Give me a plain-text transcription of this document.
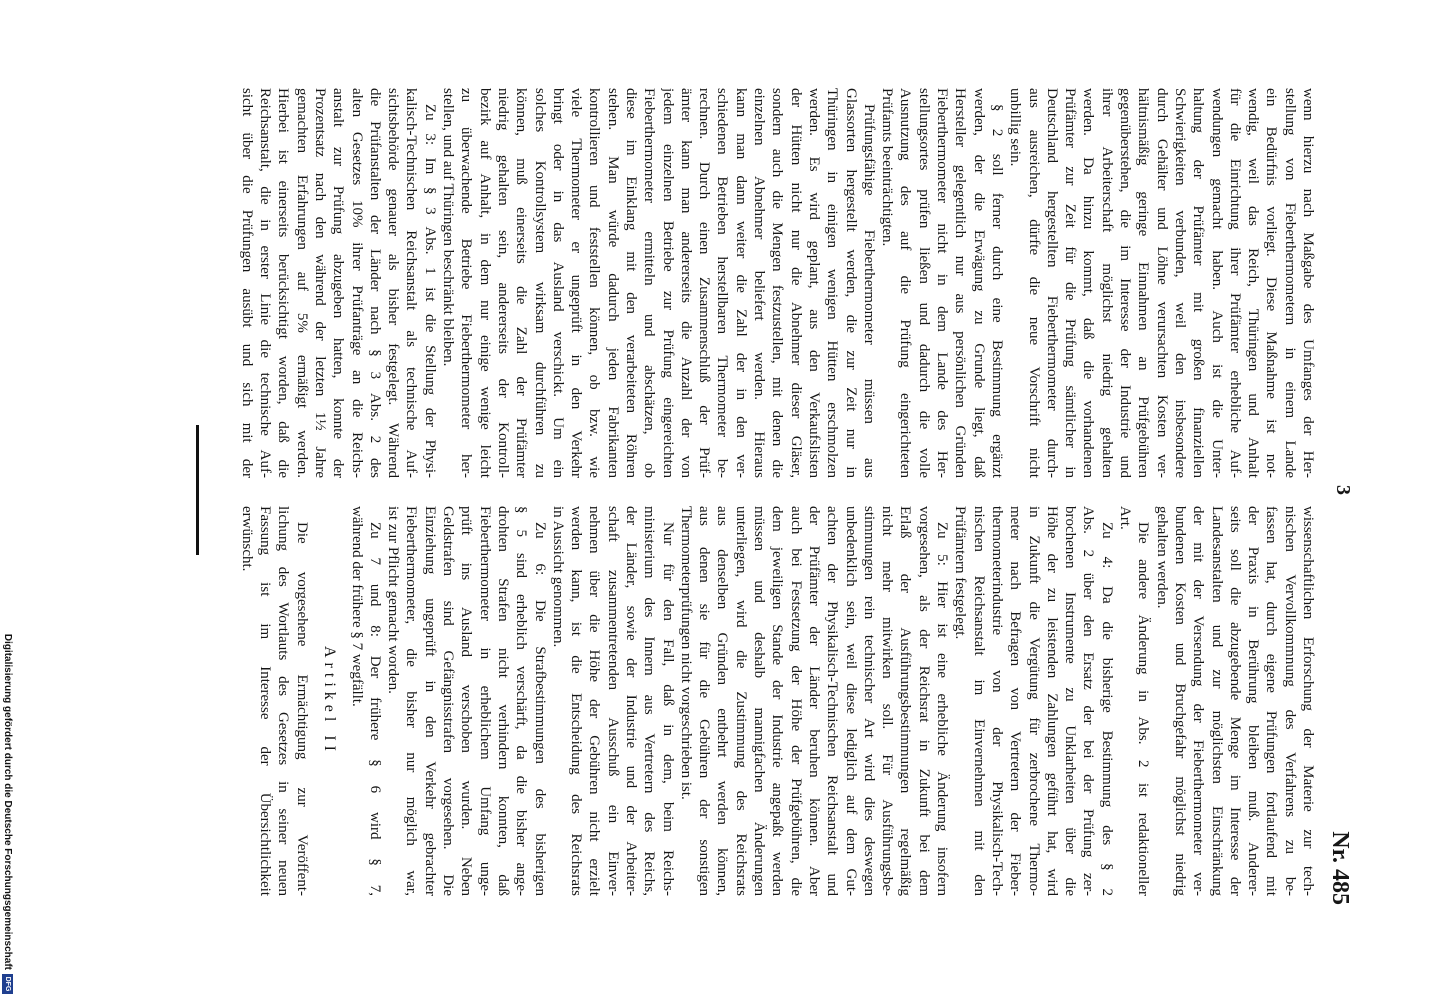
3
Nr. 485
Digitalisierung gefördert durch die Deutsche Forschungsgemeinschaft
DFG
wenn hierzu nach Maßgabe des Umfanges der Her-
stellung von Fieberthermometern in einem Lande
ein Bedürfnis vorliegt. Diese Maßnahme ist not-
wendig, weil das Reich, Thüringen und Anhalt
für die Einrichtung ihrer Prüfämter erhebliche Auf-
wendungen gemacht haben. Auch ist die Unter-
haltung der Prüfämter mit großen finanziellen
Schwierigkeiten verbunden, weil den insbesondere
durch Gehälter und Löhne verursachten Kosten ver-
hältnismäßig geringe Einnahmen an Prüfgebühren
gegenüberstehen, die im Interesse der Industrie und
ihrer Arbeiterschaft möglichst niedrig gehalten
werden. Da hinzu kommt, daß die vorhandenen
Prüfämter zur Zeit für die Prüfung sämtlicher in
Deutschland hergestellten Fieberthermometer durch-
aus ausreichen, dürfte die neue Vorschrift nicht
unbillig sein.
§ 2 soll ferner durch eine Bestimmung ergänzt
werden, der die Erwägung zu Grunde liegt, daß
Hersteller gelegentlich nur aus persönlichen Gründen
Fieberthermometer nicht in dem Lande des Her-
stellungsortes prüfen ließen und dadurch die volle
Ausnutzung des auf die Prüfung eingerichteten
Prüfamts beeinträchtigten.
Prüfungsfähige Fieberthermometer müssen aus
Glassorten hergestellt werden, die zur Zeit nur in
Thüringen in einigen wenigen Hütten erschmolzen
werden. Es wird geplant, aus den Verkaufslisten
der Hütten nicht nur die Abnehmer dieser Gläser,
sondern auch die Mengen festzustellen, mit denen die
einzelnen Abnehmer beliefert werden. Hieraus
kann man dann weiter die Zahl der in den ver-
schiedenen Betrieben herstellbaren Thermometer be-
rechnen. Durch einen Zusammenschluß der Prüf-
ämter kann man andererseits die Anzahl der von
jedem einzelnen Betriebe zur Prüfung eingereichten
Fieberthermometer ermitteln und abschätzen, ob
diese im Einklang mit den verarbeiteten Röhren
stehen. Man würde dadurch jeden Fabrikanten
kontrollieren und feststellen können, ob bzw. wie
viele Thermometer er ungeprüft in den Verkehr
bringt oder in das Ausland verschickt. Um ein
solches Kontrollsystem wirksam durchführen zu
können, muß einerseits die Zahl der Prüfämter
niedrig gehalten sein, andererseits der Kontroll-
bezirk auf Anhalt, in dem nur einige wenige leicht
zu überwachende Betriebe Fieberthermometer her-
stellen, und auf Thüringen beschränkt bleiben.
Zu 3: Im § 3 Abs. 1 ist die Stellung der Physi-
kalisch-Technischen Reichsanstalt als technische Auf-
sichtsbehörde genauer als bisher festgelegt. Während
die Prüfanstalten der Länder nach § 3 Abs. 2 des
alten Gesetzes 10% ihrer Prüfanträge an die Reichs-
anstalt zur Prüfung abzugeben hatten, konnte der
Prozentsatz nach den während der letzten 1½ Jahre
gemachten Erfahrungen auf 5% ermäßigt werden.
Hierbei ist einerseits berücksichtigt worden, daß die
Reichsanstalt, die in erster Linie die technische Auf-
sicht über die Prüfungen ausübt und sich mit der
wissenschaftlichen Erforschung der Materie zur tech-
nischen Vervollkommnung des Verfahrens zu be-
fassen hat, durch eigene Prüfungen fortlaufend mit
der Praxis in Berührung bleiben muß. Anderer-
seits soll die abzugebende Menge im Interesse der
Landesanstalten und zur möglichsten Einschränkung
der mit der Versendung der Fieberthermometer ver-
bundenen Kosten und Bruchgefahr möglichst niedrig
gehalten werden.
Die andere Änderung in Abs. 2 ist redaktioneller
Art.
Zu 4: Da die bisherige Bestimmung des § 2
Abs. 2 über den Ersatz der bei der Prüfung zer-
brochenen Instrumente zu Unklarheiten über die
Höhe der zu leistenden Zahlungen geführt hat, wird
in Zukunft die Vergütung für zerbrochene Thermo-
meter nach Befragen von Vertretern der Fieber-
thermometerindustrie von der Physikalisch-Tech-
nischen Reichsanstalt im Einvernehmen mit den
Prüfämtern festgelegt.
Zu 5: Hier ist eine erhebliche Änderung insofern
vorgesehen, als der Reichsrat in Zukunft bei dem
Erlaß der Ausführungsbestimmungen regelmäßig
nicht mehr mitwirken soll. Für Ausführungsbe-
stimmungen rein technischer Art wird dies deswegen
unbedenklich sein, weil diese lediglich auf dem Gut-
achten der Physikalisch-Technischen Reichsanstalt und
der Prüfämter der Länder beruhen können. Aber
auch bei Festsetzung der Höhe der Prüfgebühren, die
dem jeweiligen Stande der Industrie angepaßt werden
müssen und deshalb mannigfachen Änderungen
unterliegen, wird die Zustimmung des Reichsrats
aus denselben Gründen entbehrt werden können,
aus denen sie für die Gebühren der sonstigen
Thermometerprüfungen nicht vorgeschrieben ist.
Nur für den Fall, daß in dem, beim Reichs-
ministerium des Innern aus Vertretern des Reichs,
der Länder, sowie der Industrie und der Arbeiter-
schaft zusammentretenden Ausschuß ein Einver-
nehmen über die Höhe der Gebühren nicht erzielt
werden kann, ist die Entscheidung des Reichsrats
in Aussicht genommen.
Zu 6: Die Strafbestimmungen des bisherigen
§ 5 sind erheblich verschärft, da die bisher ange-
drohten Strafen nicht verhindern konnten, daß
Fieberthermometer in erheblichem Umfang unge-
prüft ins Ausland verschoben wurden. Neben
Geldstrafen sind Gefängnisstrafen vorgesehen. Die
Einziehung ungeprüft in den Verkehr gebrachter
Fieberthermometer, die bisher nur möglich war,
ist zur Pflicht gemacht worden.
Zu 7 und 8: Der frühere § 6 wird § 7,
während der frühere § 7 wegfällt.
Artikel II
Die vorgesehene Ermächtigung zur Veröffent-
lichung des Wortlauts des Gesetzes in seiner neuen
Fassung ist im Interesse der Übersichtlichkeit
erwünscht.
